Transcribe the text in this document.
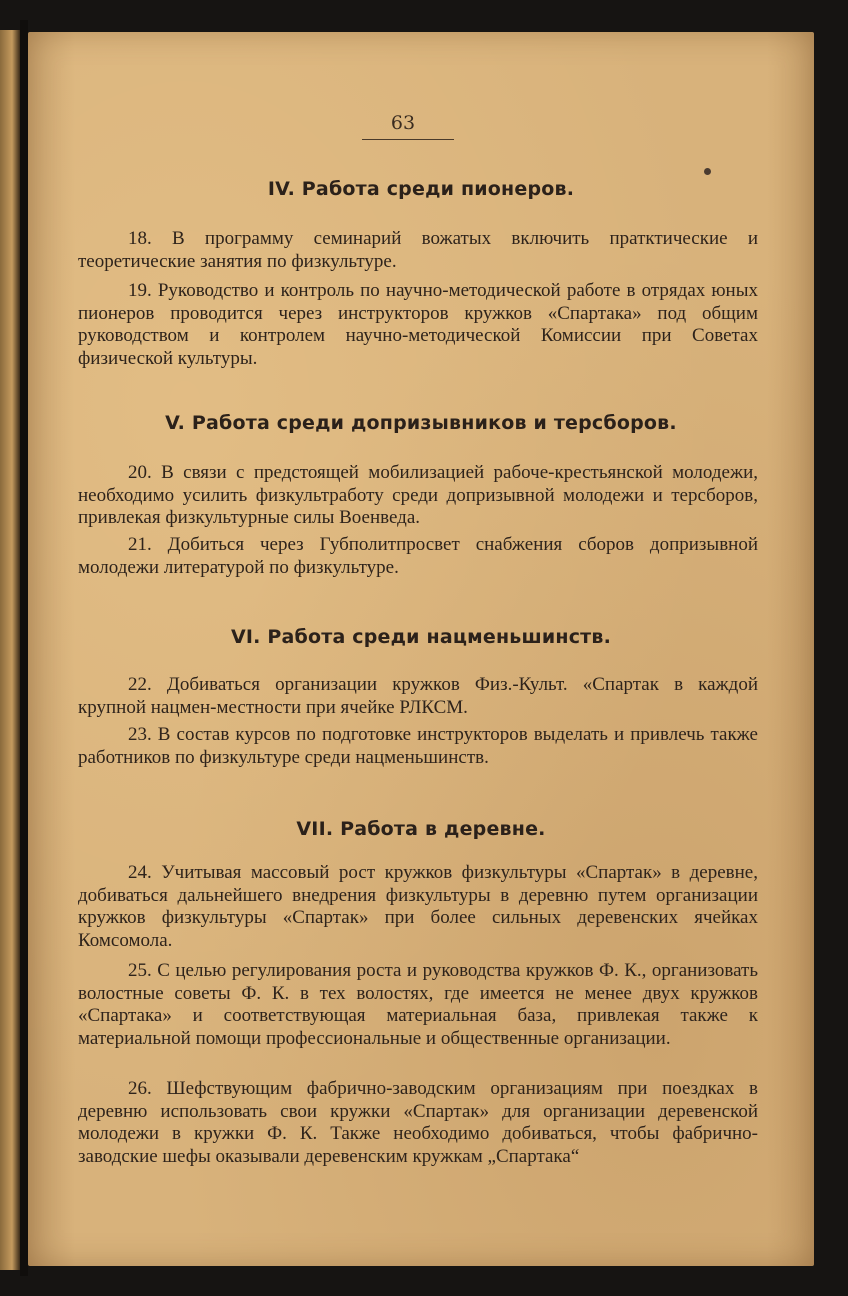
63
IV. Работа среди пионеров.
18. В программу семинарий вожатых включить пратктические и теоретические занятия по физкультуре.
19. Руководство и контроль по научно-методической работе в отрядах юных пионеров проводится через инструкторов кружков «Спартака» под общим руководством и контролем научно-методической Комиссии при Советах физической культуры.
V. Работа среди допризывников и терсборов.
20. В связи с предстоящей мобилизацией рабоче-крестьянской молодежи, необходимо усилить физкультработу среди допризывной молодежи и терсборов, привлекая физкультурные силы Военведа.
21. Добиться через Губполитпросвет снабжения сборов допризывной молодежи литературой по физкультуре.
VI. Работа среди нацменьшинств.
22. Добиваться организации кружков Физ.-Культ. «Спартак в каждой крупной нацмен-местности при ячейке РЛКСМ.
23. В состав курсов по подготовке инструкторов выделать и привлечь также работников по физкультуре среди нацменьшинств.
VII. Работа в деревне.
24. Учитывая массовый рост кружков физкультуры «Спартак» в деревне, добиваться дальнейшего внедрения физкультуры в деревню путем организации кружков физкультуры «Спартак» при более сильных деревенских ячейках Комсомола.
25. С целью регулирования роста и руководства кружков Ф. К., организовать волостные советы Ф. К. в тех волостях, где имеется не менее двух кружков «Спартака» и соответствующая материальная база, привлекая также к материальной помощи профессиональные и общественные организации.
26. Шефствующим фабрично-заводским организациям при поездках в деревню использовать свои кружки «Спартак» для организации деревенской молодежи в кружки Ф. К. Также необходимо добиваться, чтобы фабрично-заводские шефы оказывали деревенским кружкам „Спартака“
